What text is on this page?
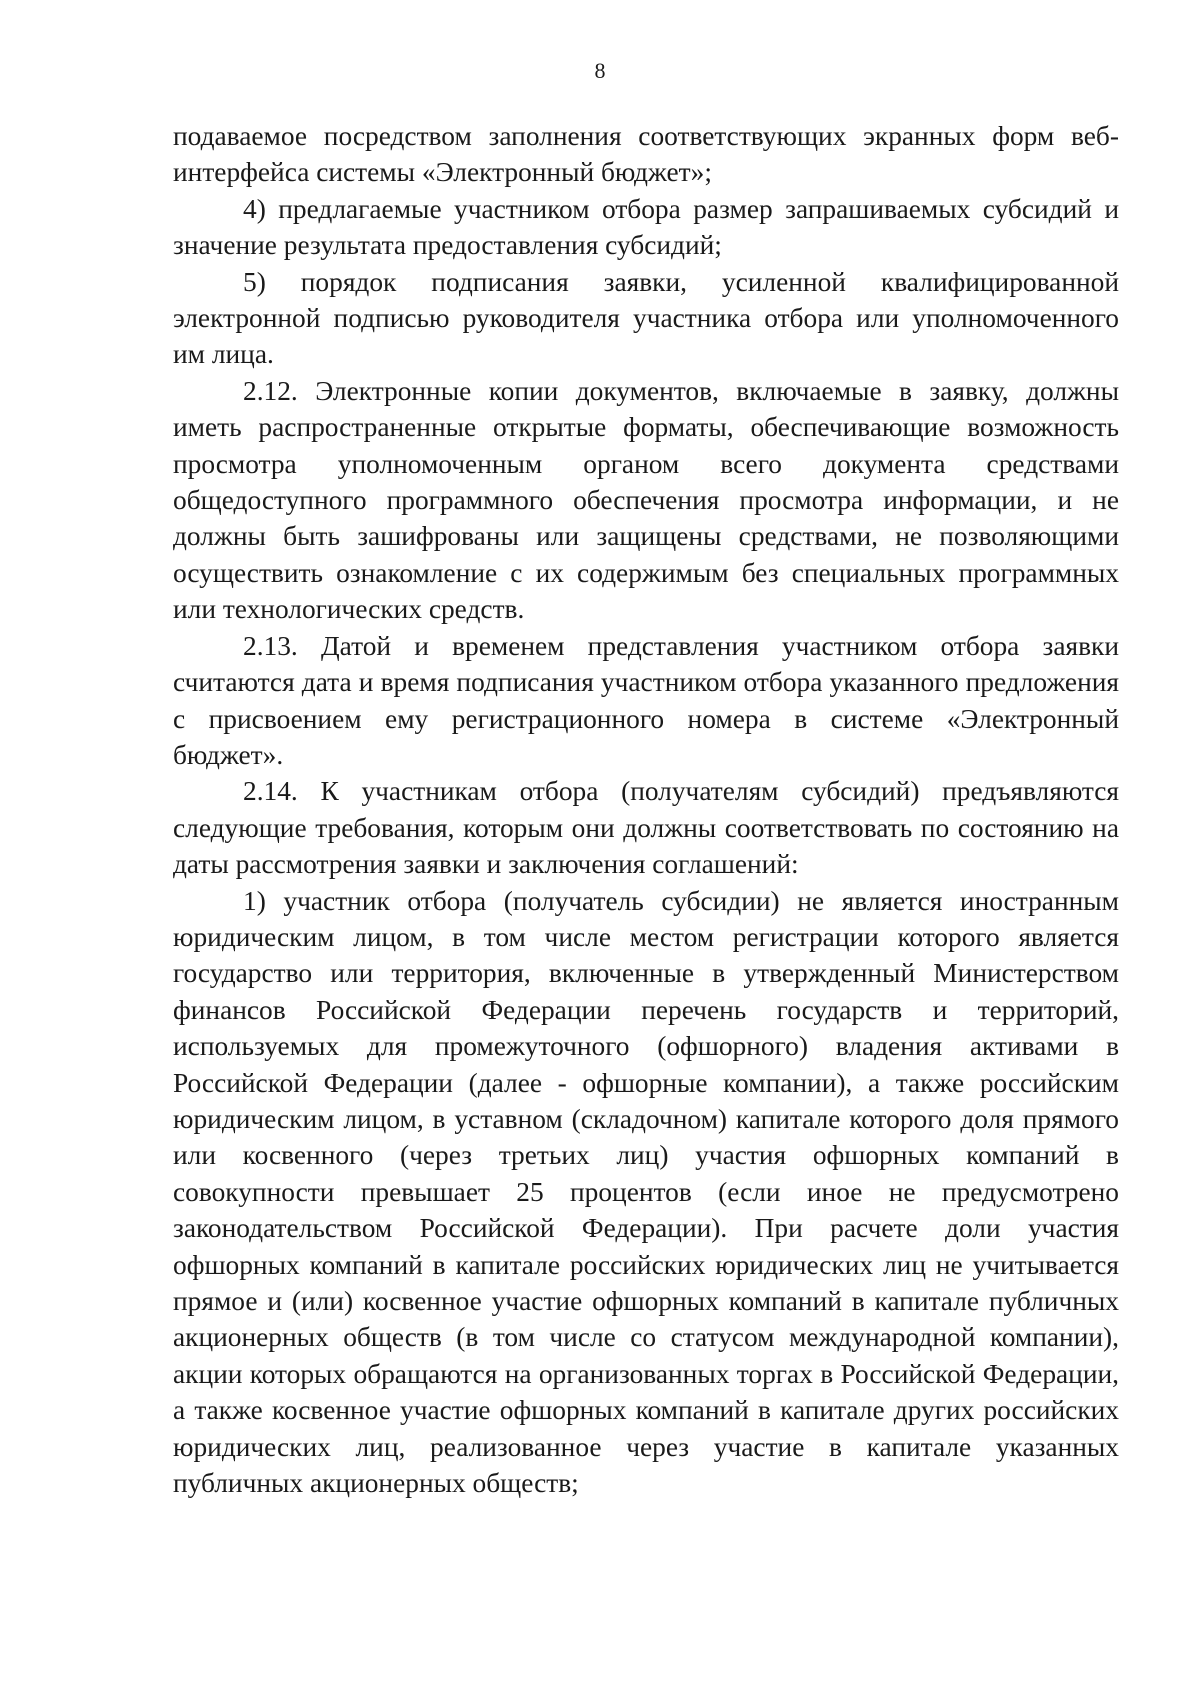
8

подаваемое посредством заполнения соответствующих экранных форм веб-интерфейса системы «Электронный бюджет»;

4) предлагаемые участником отбора размер запрашиваемых субсидий и значение результата предоставления субсидий;

5) порядок подписания заявки, усиленной квалифицированной электронной подписью руководителя участника отбора или уполномоченного им лица.

2.12. Электронные копии документов, включаемые в заявку, должны иметь распространенные открытые форматы, обеспечивающие возможность просмотра уполномоченным органом всего документа средствами общедоступного программного обеспечения просмотра информации, и не должны быть зашифрованы или защищены средствами, не позволяющими осуществить ознакомление с их содержимым без специальных программных или технологических средств.

2.13. Датой и временем представления участником отбора заявки считаются дата и время подписания участником отбора указанного предложения с присвоением ему регистрационного номера в системе «Электронный бюджет».

2.14. К участникам отбора (получателям субсидий) предъявляются следующие требования, которым они должны соответствовать по состоянию на даты рассмотрения заявки и заключения соглашений:

1) участник отбора (получатель субсидии) не является иностранным юридическим лицом, в том числе местом регистрации которого является государство или территория, включенные в утвержденный Министерством финансов Российской Федерации перечень государств и территорий, используемых для промежуточного (офшорного) владения активами в Российской Федерации (далее - офшорные компании), а также российским юридическим лицом, в уставном (складочном) капитале которого доля прямого или косвенного (через третьих лиц) участия офшорных компаний в совокупности превышает 25 процентов (если иное не предусмотрено законодательством Российской Федерации). При расчете доли участия офшорных компаний в капитале российских юридических лиц не учитывается прямое и (или) косвенное участие офшорных компаний в капитале публичных акционерных обществ (в том числе со статусом международной компании), акции которых обращаются на организованных торгах в Российской Федерации, а также косвенное участие офшорных компаний в капитале других российских юридических лиц, реализованное через участие в капитале указанных публичных акционерных обществ;
